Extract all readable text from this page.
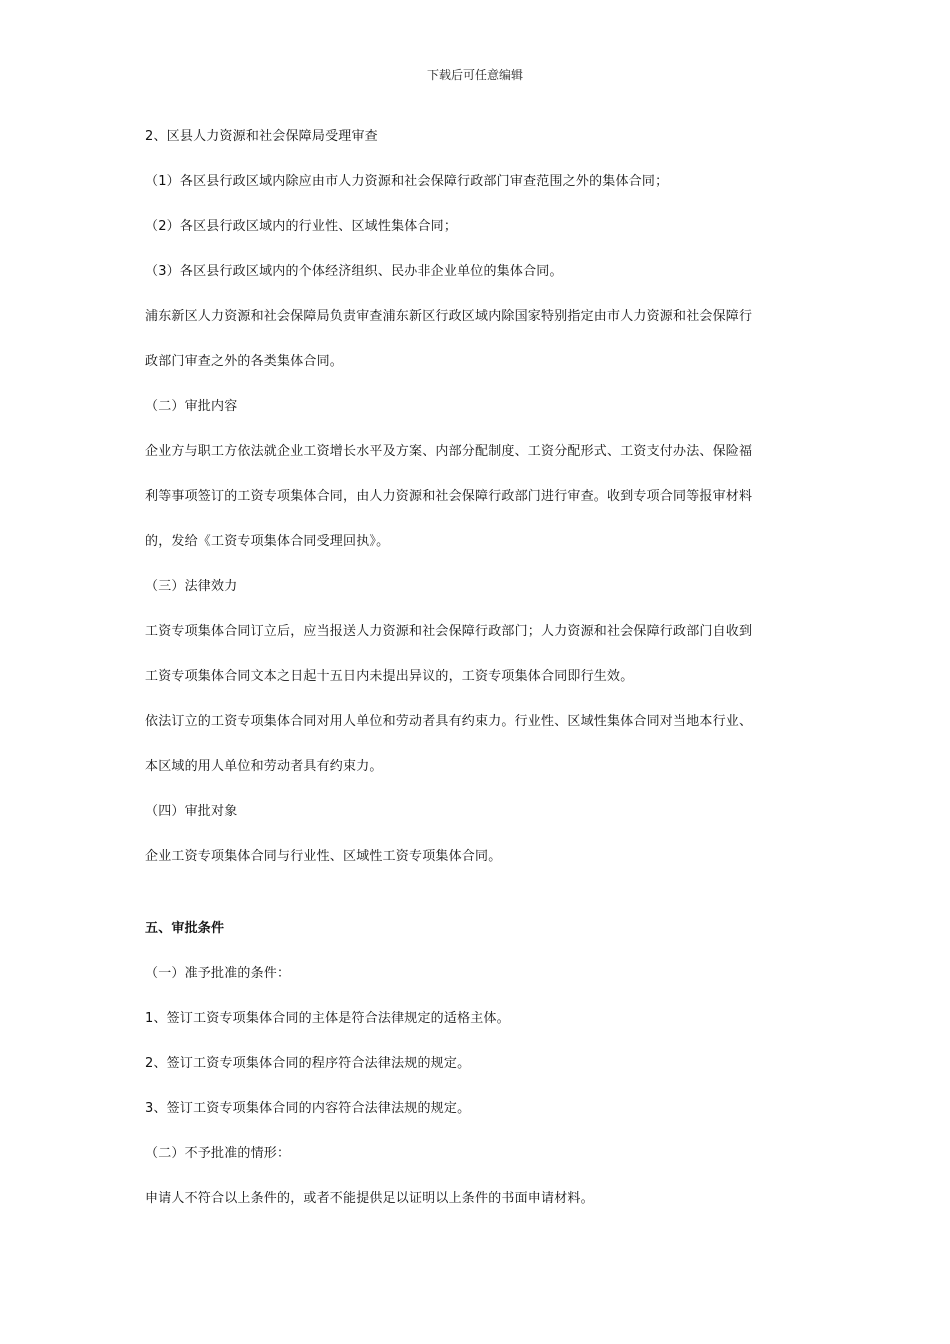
下载后可任意编辑
2、区县人力资源和社会保障局受理审查
（1）各区县行政区域内除应由市人力资源和社会保障行政部门审查范围之外的集体合同；
（2）各区县行政区域内的行业性、区域性集体合同；
（3）各区县行政区域内的个体经济组织、民办非企业单位的集体合同。
浦东新区人力资源和社会保障局负责审查浦东新区行政区域内除国家特别指定由市人力资源和社会保障行
政部门审查之外的各类集体合同。
（二）审批内容
企业方与职工方依法就企业工资增长水平及方案、内部分配制度、工资分配形式、工资支付办法、保险福
利等事项签订的工资专项集体合同，由人力资源和社会保障行政部门进行审查。收到专项合同等报审材料
的，发给《工资专项集体合同受理回执》。
（三）法律效力
工资专项集体合同订立后，应当报送人力资源和社会保障行政部门；人力资源和社会保障行政部门自收到
工资专项集体合同文本之日起十五日内未提出异议的，工资专项集体合同即行生效。
依法订立的工资专项集体合同对用人单位和劳动者具有约束力。行业性、区域性集体合同对当地本行业、
本区域的用人单位和劳动者具有约束力。
（四）审批对象
企业工资专项集体合同与行业性、区域性工资专项集体合同。
五、审批条件
（一）准予批准的条件：
1、签订工资专项集体合同的主体是符合法律规定的适格主体。
2、签订工资专项集体合同的程序符合法律法规的规定。
3、签订工资专项集体合同的内容符合法律法规的规定。
（二）不予批准的情形：
申请人不符合以上条件的，或者不能提供足以证明以上条件的书面申请材料。
